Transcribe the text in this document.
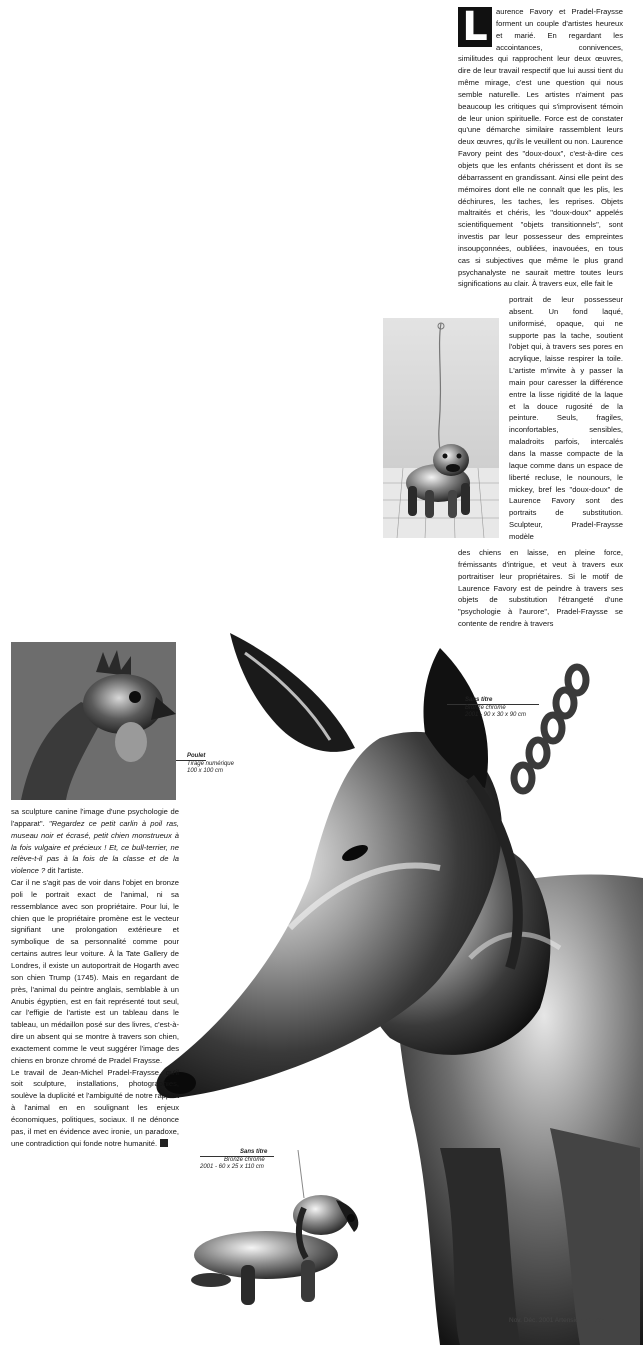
L	aurence Favory et Pradel-Fraysse forment un couple d'artistes heureux et marié. En regardant les accointances, connivences, similitudes qui rapprochent leur deux œuvres, dire de leur travail respectif que lui aussi tient du même mirage, c'est une question qui nous semble naturelle. Les artistes n'aiment pas beaucoup les critiques qui s'improvisent témoin de leur union spirituelle. Force est de constater qu'une démarche similaire rassemblent leurs deux œuvres, qu'ils le veuillent ou non. Laurence Favory peint des "doux-doux", c'est-à-dire ces objets que les enfants chérissent et dont ils se débarrassent en grandissant. Ainsi elle peint des mémoires dont elle ne connaît que les plis, les déchirures, les taches, les reprises. Objets maltraités et chéris, les "doux-doux" appelés scientifiquement "objets transitionnels", sont investis par leur possesseur des empreintes insoupçonnées, oubliées, inavouées, en tous cas si subjectives que même le plus grand psychanalyste ne saurait mettre toutes leurs significations au clair. À travers eux, elle fait le
portrait de leur possesseur absent. Un fond laqué, uniformisé, opaque, qui ne supporte pas la tache, soutient l'objet qui, à travers ses pores en acrylique, laisse respirer la toile. L'artiste m'invite à y passer la main pour caresser la différence entre la lisse rigidité de la laque et la douce rugosité de la peinture. Seuls, fragiles, inconfortables, sensibles, maladroits parfois, intercalés dans la masse compacte de la laque comme dans un espace de liberté recluse, le nounours, le mickey, bref les "doux-doux" de Laurence Favory sont des portraits de substitution. Sculpteur, Pradel-Fraysse modèle
des chiens en laisse, en pleine force, frémissants d'intrigue, et veut à travers eux portraitiser leur propriétaires. Si le motif de Laurence Favory est de peindre à travers ses objets de substitution l'étrangeté d'une "psychologie à l'aurore", Pradel-Fraysse se contente de rendre à travers
Poulet
Tirage numérique
100 x 100 cm
Sans titre
Bronze chromé
2001 - 90 x 30 x 90 cm

sa sculpture canine l'image d'une psychologie de l'apparat". "Regardez ce petit carlin à poil ras, museau noir et écrasé, petit chien monstrueux à la fois vulgaire et précieux ! Et, ce bull-terrier, ne relève-t-il pas à la fois de la classe et de la violence ? dit l'artiste.

Car il ne s'agit pas de voir dans l'objet en bronze poli le portrait exact de l'animal, ni sa ressemblance avec son propriétaire. Pour lui, le chien que le propriétaire promène est le vecteur signifiant une prolongation extérieure et symbolique de sa personnalité comme pour certains autres leur voiture. À la Tate Gallery de Londres, il existe un autoportrait de Hogarth avec son chien Trump (1745). Mais en regardant de près, l'animal du peintre anglais, semblable à un Anubis égyptien, est en fait représenté tout seul, car l'effigie de l'artiste est un tableau dans le tableau, un médaillon posé sur des livres, c'est-à-dire un absent qui se montre à travers son chien, exactement comme le veut suggérer l'image des chiens en bronze chromé de Pradel Fraysse.

Le travail de Jean-Michel Pradel-Fraysse, qu'il soit sculpture, installations, photographies, soulève la duplicité et l'ambiguïté de notre rapport à l'animal en en soulignant les enjeux économiques, politiques, sociaux. Il ne dénonce pas, il met en évidence avec ironie, un paradoxe, une contradiction qui fonde notre humanité.

Sans titre
Bronze chromé
2001 - 60 x 25 x 110 cm
Nov. Déc. 2001 Artension n° 1/35
